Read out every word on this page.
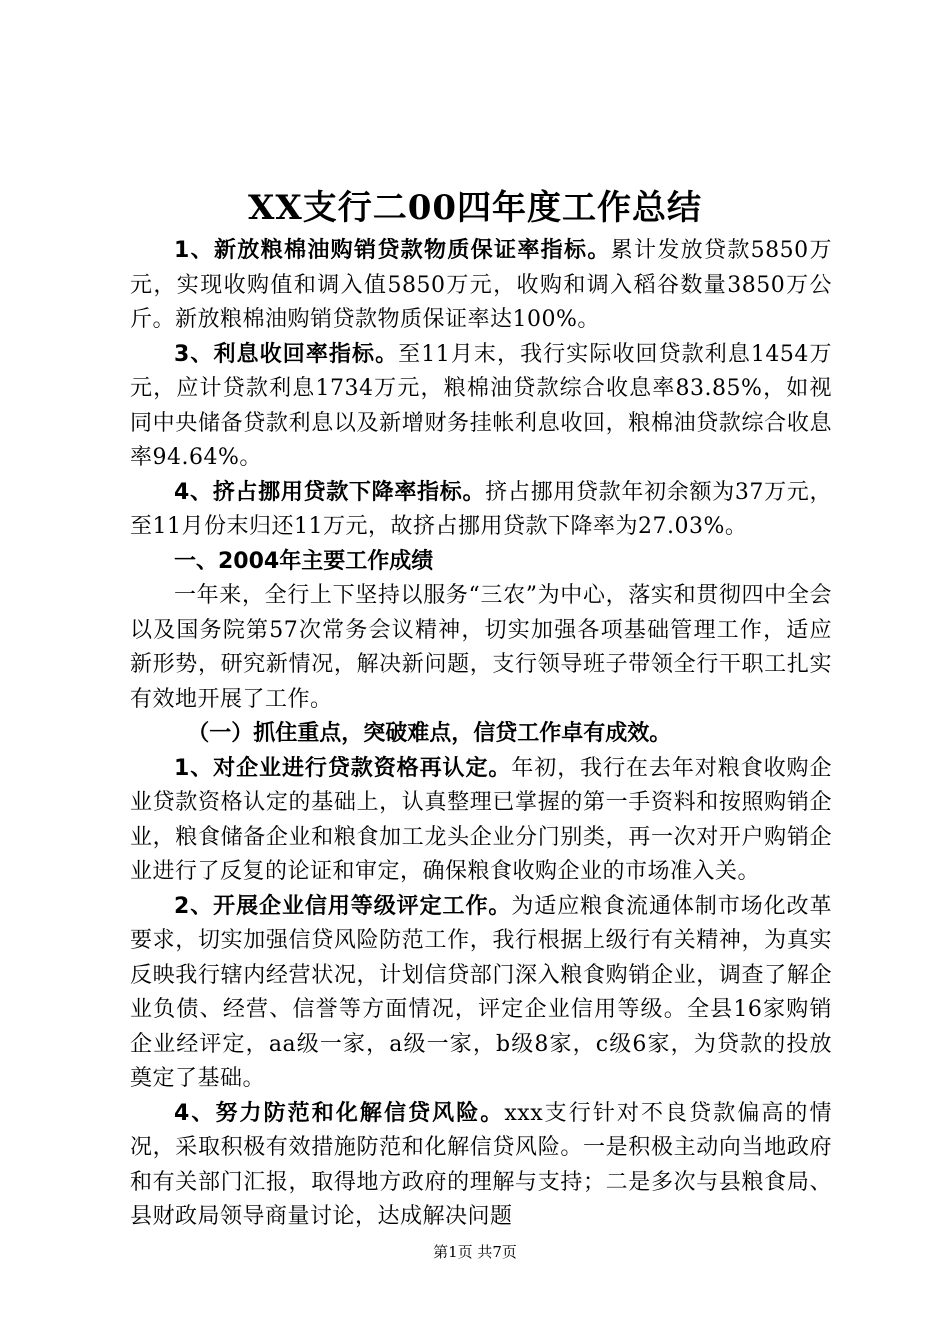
XX支行二00四年度工作总结

1、新放粮棉油购销贷款物质保证率指标。累计发放贷款5850万元，实现收购值和调入值5850万元，收购和调入稻谷数量3850万公斤。新放粮棉油购销贷款物质保证率达100%。

3、利息收回率指标。至11月末，我行实际收回贷款利息1454万元，应计贷款利息1734万元，粮棉油贷款综合收息率83.85%，如视同中央储备贷款利息以及新增财务挂帐利息收回，粮棉油贷款综合收息率94.64%。

4、挤占挪用贷款下降率指标。挤占挪用贷款年初余额为37万元，至11月份末归还11万元，故挤占挪用贷款下降率为27.03%。

一、2004年主要工作成绩

一年来，全行上下坚持以服务“三农”为中心，落实和贯彻四中全会以及国务院第57次常务会议精神，切实加强各项基础管理工作，适应新形势，研究新情况，解决新问题，支行领导班子带领全行干职工扎实有效地开展了工作。

（一）抓住重点，突破难点，信贷工作卓有成效。

1、对企业进行贷款资格再认定。年初，我行在去年对粮食收购企业贷款资格认定的基础上，认真整理已掌握的第一手资料和按照购销企业，粮食储备企业和粮食加工龙头企业分门别类，再一次对开户购销企业进行了反复的论证和审定，确保粮食收购企业的市场准入关。

2、开展企业信用等级评定工作。为适应粮食流通体制市场化改革要求，切实加强信贷风险防范工作，我行根据上级行有关精神，为真实反映我行辖内经营状况，计划信贷部门深入粮食购销企业，调查了解企业负债、经营、信誉等方面情况，评定企业信用等级。全县16家购销企业经评定，aa级一家，a级一家，b级8家，c级6家，为贷款的投放奠定了基础。

4、努力防范和化解信贷风险。xxx支行针对不良贷款偏高的情况，采取积极有效措施防范和化解信贷风险。一是积极主动向当地政府和有关部门汇报，取得地方政府的理解与支持；二是多次与县粮食局、县财政局领导商量讨论，达成解决问题

第1页 共7页
